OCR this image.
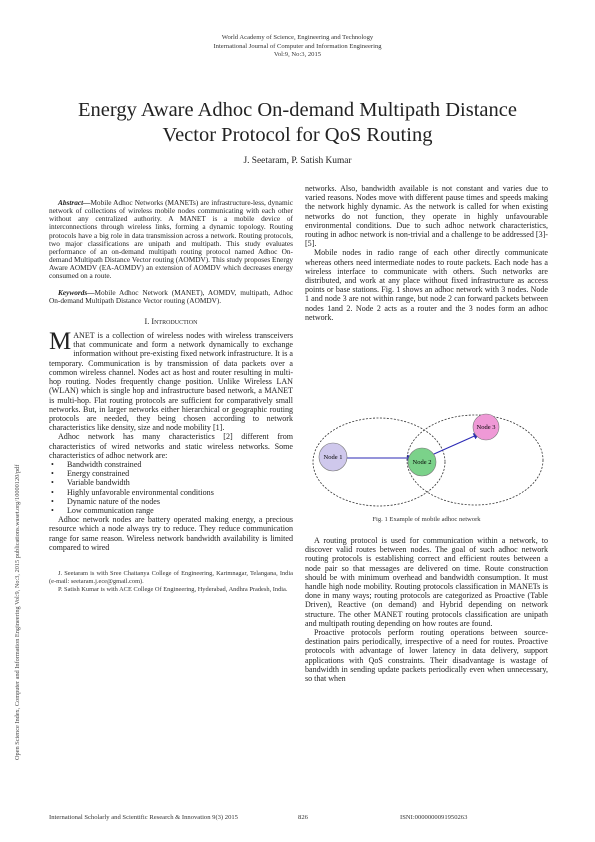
World Academy of Science, Engineering and Technology
International Journal of Computer and Information Engineering
Vol:9, No:3, 2015
Energy Aware Adhoc On-demand Multipath Distance
Vector Protocol for QoS Routing
J. Seetaram, P. Satish Kumar
Open Science Index, Computer and Information Engineering Vol:9, No:3, 2015 publications.waset.org/10000120/pdf

Abstract—Mobile Adhoc Networks (MANETs) are infrastructure-less, dynamic network of collections of wireless mobile nodes communicating with each other without any centralized authority. A MANET is a mobile device of interconnections through wireless links, forming a dynamic topology. Routing protocols have a big role in data transmission across a network. Routing protocols, two major classifications are unipath and multipath. This study evaluates performance of an on-demand multipath routing protocol named Adhoc On-demand Multipath Distance Vector routing (AOMDV). This study proposes Energy Aware AOMDV (EA-AOMDV) an extension of AOMDV which decreases energy consumed on a route.

Keywords—Mobile Adhoc Network (MANET), AOMDV, multipath, Adhoc On-demand Multipath Distance Vector routing (AOMDV).

I. Introduction

MANET is a collection of wireless nodes with wireless transceivers that communicate and form a network dynamically to exchange information without pre-existing fixed network infrastructure. It is a temporary. Communication is by transmission of data packets over a common wireless channel. Nodes act as host and router resulting in multi-hop routing. Nodes frequently change position. Unlike Wireless LAN (WLAN) which is single hop and infrastructure based network, a MANET is multi-hop. Flat routing protocols are sufficient for comparatively small networks. But, in larger networks either hierarchical or geographic routing protocols are needed, they being chosen according to network characteristics like density, size and node mobility [1].

Adhoc network has many characteristics [2] different from characteristics of wired networks and static wireless networks. Some characteristics of adhoc network are:

• Bandwidth constrained
• Energy constrained
• Variable bandwidth
• Highly unfavorable environmental conditions
• Dynamic nature of the nodes
• Low communication range

Adhoc network nodes are battery operated making energy, a precious resource which a node always try to reduce. They reduce communication range for same reason. Wireless network bandwidth availability is limited compared to wired

J. Seetaram is with Sree Chaitanya College of Engineering, Karimnagar, Telangana, India (e-mail: seetaram.j.ece@gmail.com).

P. Satish Kumar is with ACE College Of Engineering, Hyderabad, Andhra Pradesh, India.

networks. Also, bandwidth available is not constant and varies due to varied reasons. Nodes move with different pause times and speeds making the network highly dynamic. As the network is called for when existing networks do not function, they operate in highly unfavourable environmental conditions. Due to such adhoc network characteristics, routing in adhoc network is non-trivial and a challenge to be addressed [3]-[5].

Mobile nodes in radio range of each other directly communicate whereas others need intermediate nodes to route packets. Each node has a wireless interface to communicate with others. Such networks are distributed, and work at any place without fixed infrastructure as access points or base stations. Fig. 1 shows an adhoc network with 3 nodes. Node 1 and node 3 are not within range, but node 2 can forward packets between nodes 1and 2. Node 2 acts as a router and the 3 nodes form an adhoc network.

Node 1
Node 2
Node 3
Fig. 1 Example of mobile adhoc network

A routing protocol is used for communication within a network, to discover valid routes between nodes. The goal of such adhoc network routing protocols is establishing correct and efficient routes between a node pair so that messages are delivered on time. Route construction should be with minimum overhead and bandwidth consumption. It must handle high node mobility. Routing protocols classification in MANETs is done in many ways; routing protocols are categorized as Proactive (Table Driven), Reactive (on demand) and Hybrid depending on network structure. The other MANET routing protocols classification are unipath and multipath routing depending on how routes are found.

Proactive protocols perform routing operations between source-destination pairs periodically, irrespective of a need for routes. Proactive protocols with advantage of lower latency in data delivery, support applications with QoS constraints. Their disadvantage is wastage of bandwidth in sending update packets periodically even when unnecessary, so that when

International Scholarly and Scientific Research & Innovation 9(3) 2015	826	ISNI:0000000091950263
